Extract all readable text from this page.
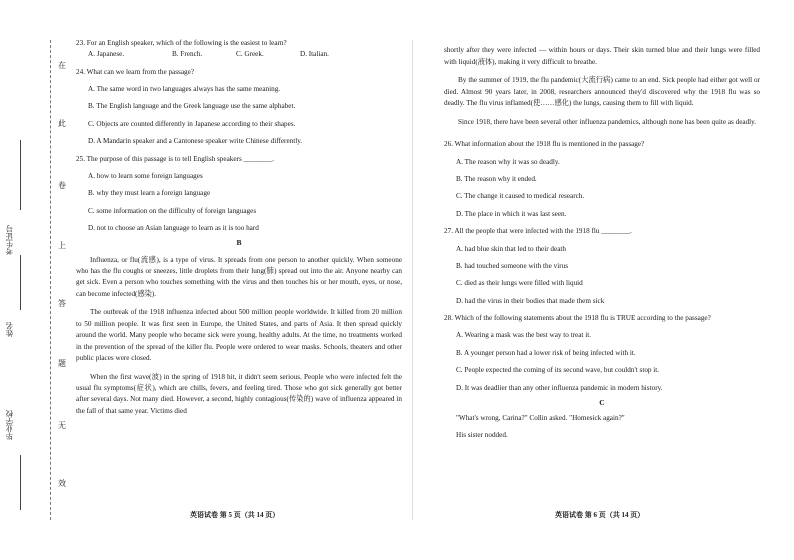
在
此
卷
上
答
题
无
效
考生证号
姓名
毕业学校

23. For an English speaker, which of the following is the easiest to learn?

A. Japanese.	B. French.	C. Greek.	D. Italian.

24. What can we learn from the passage?

A. The same word in two languages always has the same meaning.

B. The English language and the Greek language use the same alphabet.

C. Objects are counted differently in Japanese according to their shapes.

D. A Mandarin speaker and a Cantonese speaker write Chinese differently.

25. The purpose of this passage is to tell English speakers ________.

A. how to learn some foreign languages

B. why they must learn a foreign language

C. some information on the difficulty of foreign languages

D. not to choose an Asian language to learn as it is too hard

B

Influenza, or flu(流感), is a type of virus. It spreads from one person to another quickly. When someone who has the flu coughs or sneezes, little droplets from their lung(肺) spread out into the air. Anyone nearby can get sick. Even a person who touches something with the virus and then touches his or her mouth, eyes, or nose, can become infected(感染).

The outbreak of the 1918 influenza infected about 500 million people worldwide. It killed from 20 million to 50 million people. It was first seen in Europe, the United States, and parts of Asia. It then spread quickly around the world. Many people who became sick were young, healthy adults. At the time, no treatments worked in the prevention of the spread of the killer flu. People were ordered to wear masks. Schools, theaters and other public places were closed.

When the first wave(波) in the spring of 1918 hit, it didn't seem serious. People who were infected felt the usual flu symptoms(症状), which are chills, fevers, and feeling tired. Those who got sick generally got better after several days. Not many died. However, a second, highly contagious(传染的) wave of influenza appeared in the fall of that same year. Victims died

英语试卷 第 5 页（共 14 页）

shortly after they were infected — within hours or days. Their skin turned blue and their lungs were filled with liquid(液体), making it very difficult to breathe.

By the summer of 1919, the flu pandemic(大流行病) came to an end. Sick people had either got well or died. Almost 90 years later, in 2008, researchers announced they'd discovered why the 1918 flu was so deadly. The flu virus inflamed(使……感化) the lungs, causing them to fill with liquid.

Since 1918, there have been several other influenza pandemics, although none has been quite as deadly.

26. What information about the 1918 flu is mentioned in the passage?

A. The reason why it was so deadly.

B. The reason why it ended.

C. The change it caused to medical research.

D. The place in which it was last seen.

27. All the people that were infected with the 1918 flu ________.

A. had blue skin that led to their death

B. had touched someone with the virus

C. died as their lungs were filled with liquid

D. had the virus in their bodies that made them sick

28. Which of the following statements about the 1918 flu is TRUE according to the passage?

A. Wearing a mask was the best way to treat it.

B. A younger person had a lower risk of being infected with it.

C. People expected the coming of its second wave, but couldn't stop it.

D. It was deadlier than any other influenza pandemic in modern history.

C

"What's wrong, Carina?" Collin asked. "Homesick again?"

His sister nodded.

英语试卷 第 6 页（共 14 页）
